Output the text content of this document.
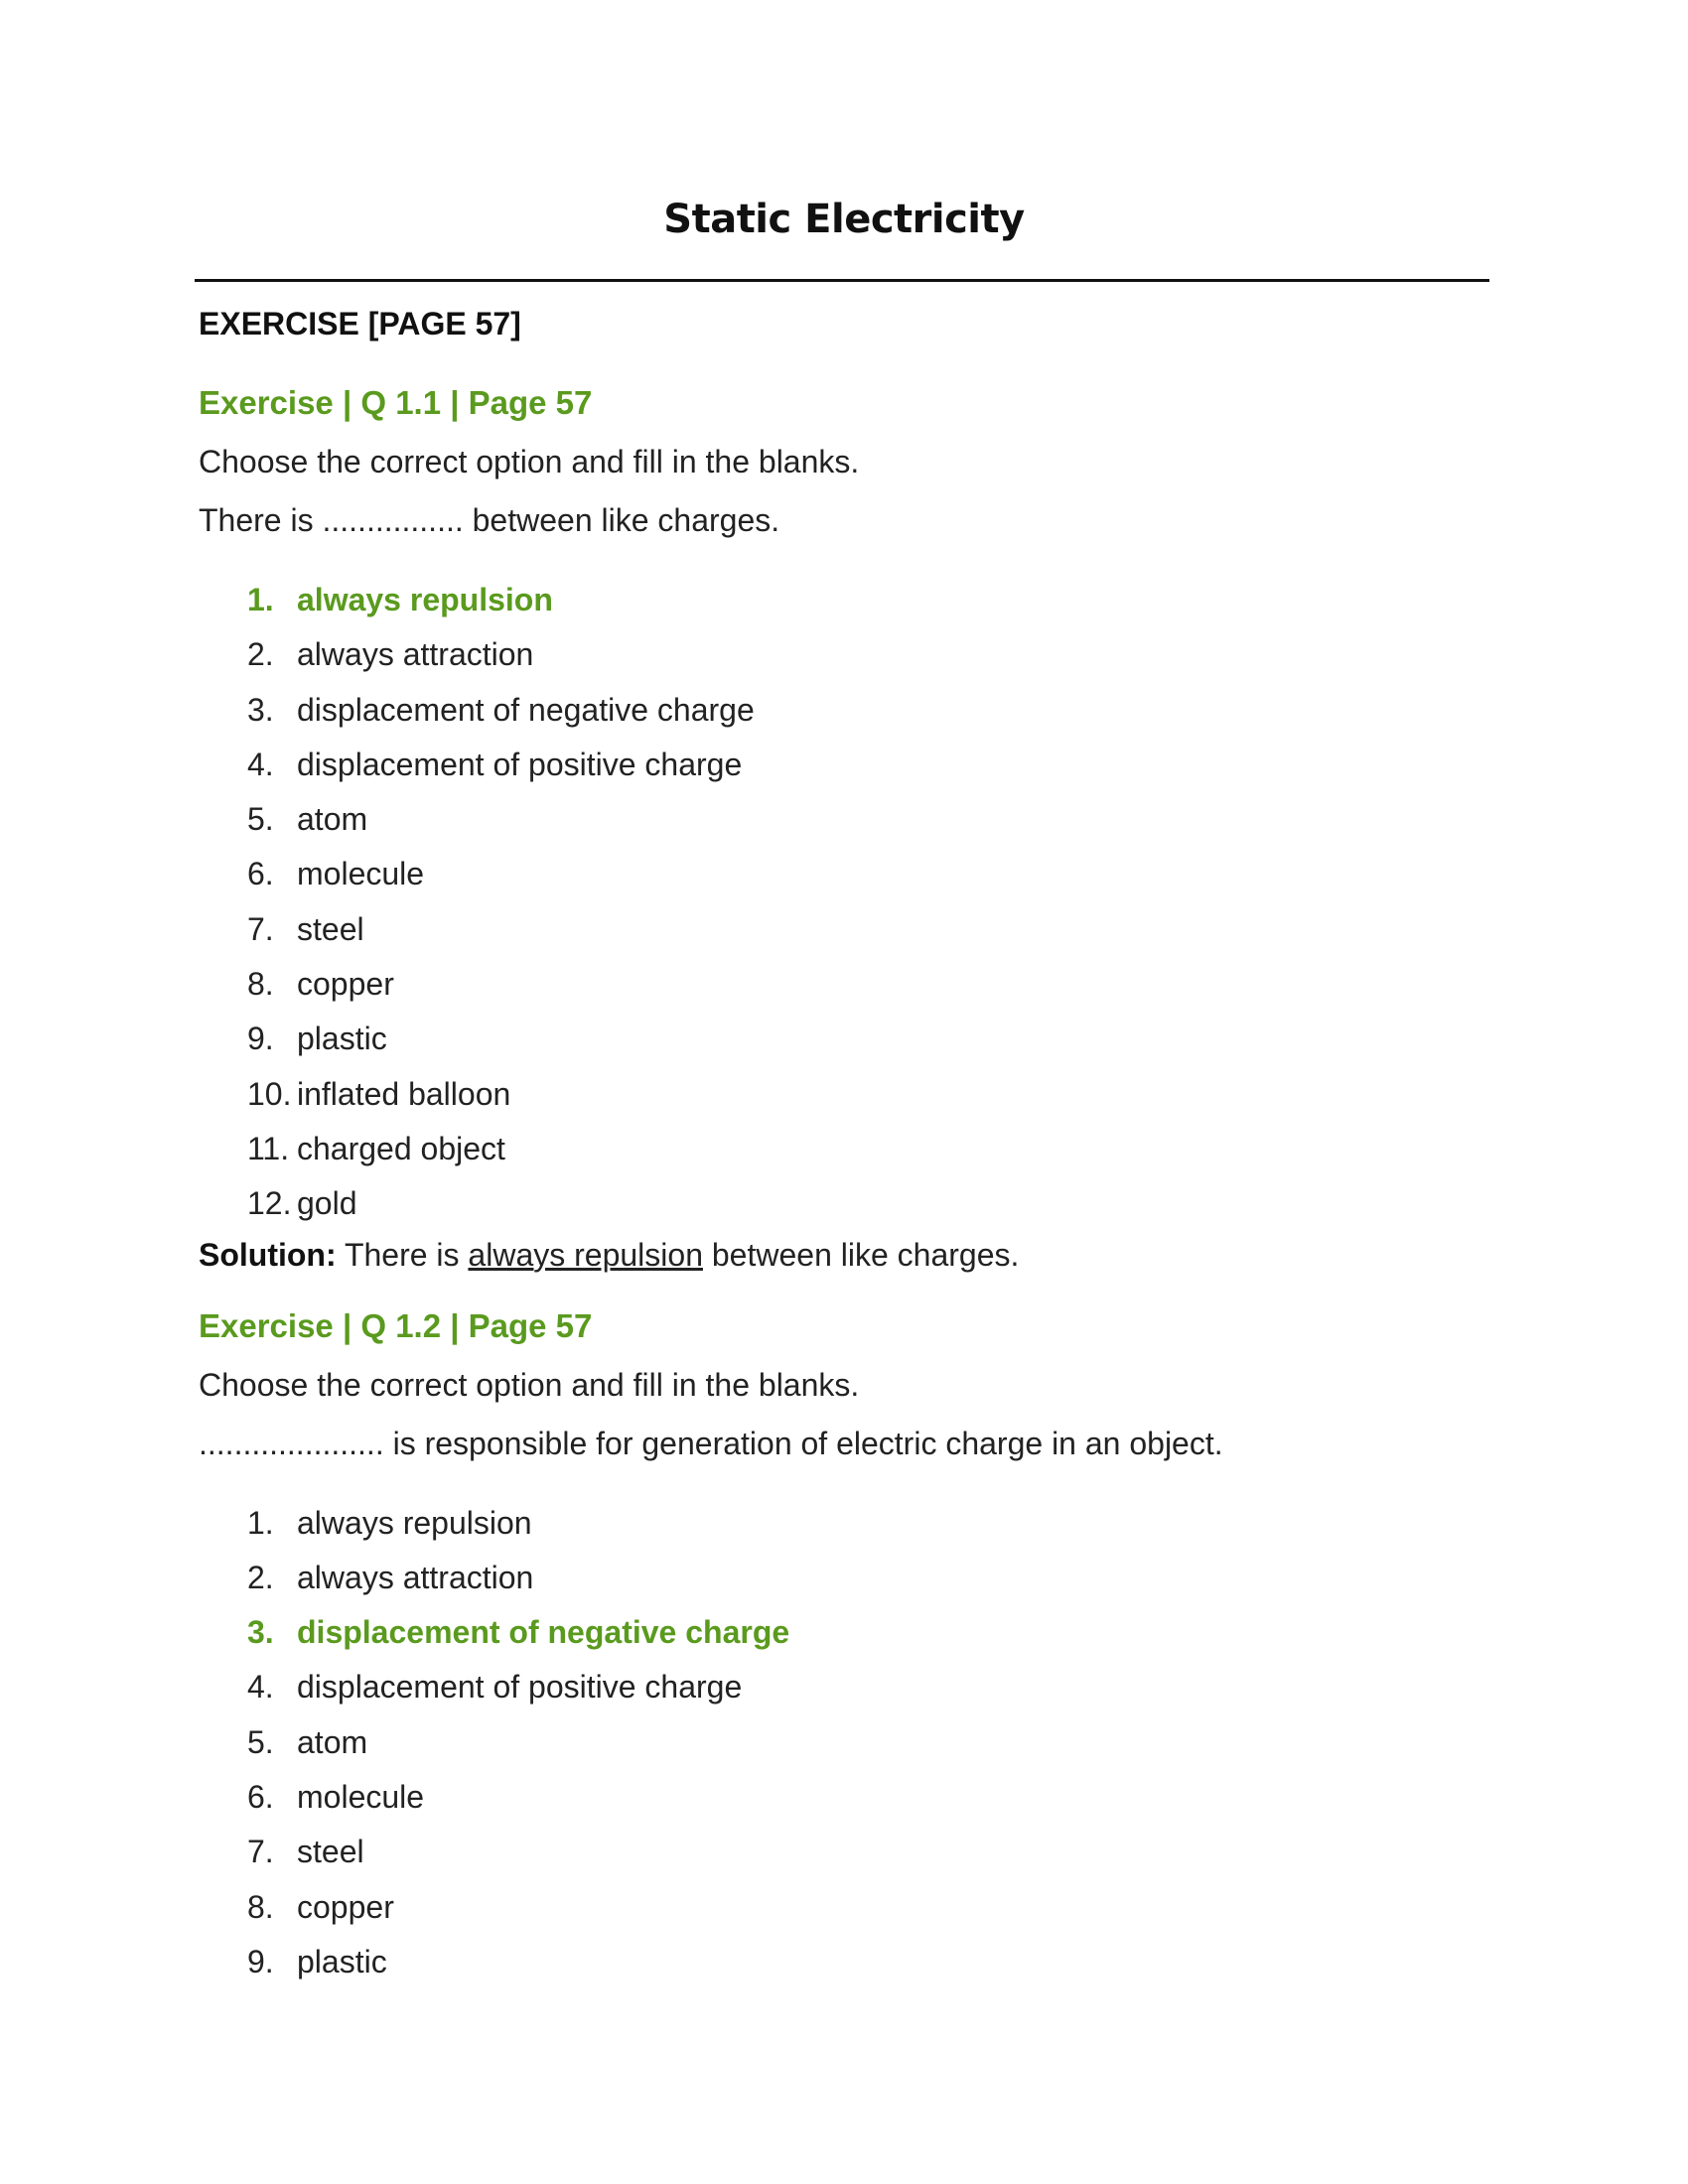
Static Electricity
EXERCISE [PAGE 57]
Exercise | Q 1.1 | Page 57
Choose the correct option and fill in the blanks.
There is ................ between like charges.
1. always repulsion
2. always attraction
3. displacement of negative charge
4. displacement of positive charge
5. atom
6. molecule
7. steel
8. copper
9. plastic
10. inflated balloon
11. charged object
12. gold
Solution: There is always repulsion between like charges.
Exercise | Q 1.2 | Page 57
Choose the correct option and fill in the blanks.
..................... is responsible for generation of electric charge in an object.
1. always repulsion
2. always attraction
3. displacement of negative charge
4. displacement of positive charge
5. atom
6. molecule
7. steel
8. copper
9. plastic
